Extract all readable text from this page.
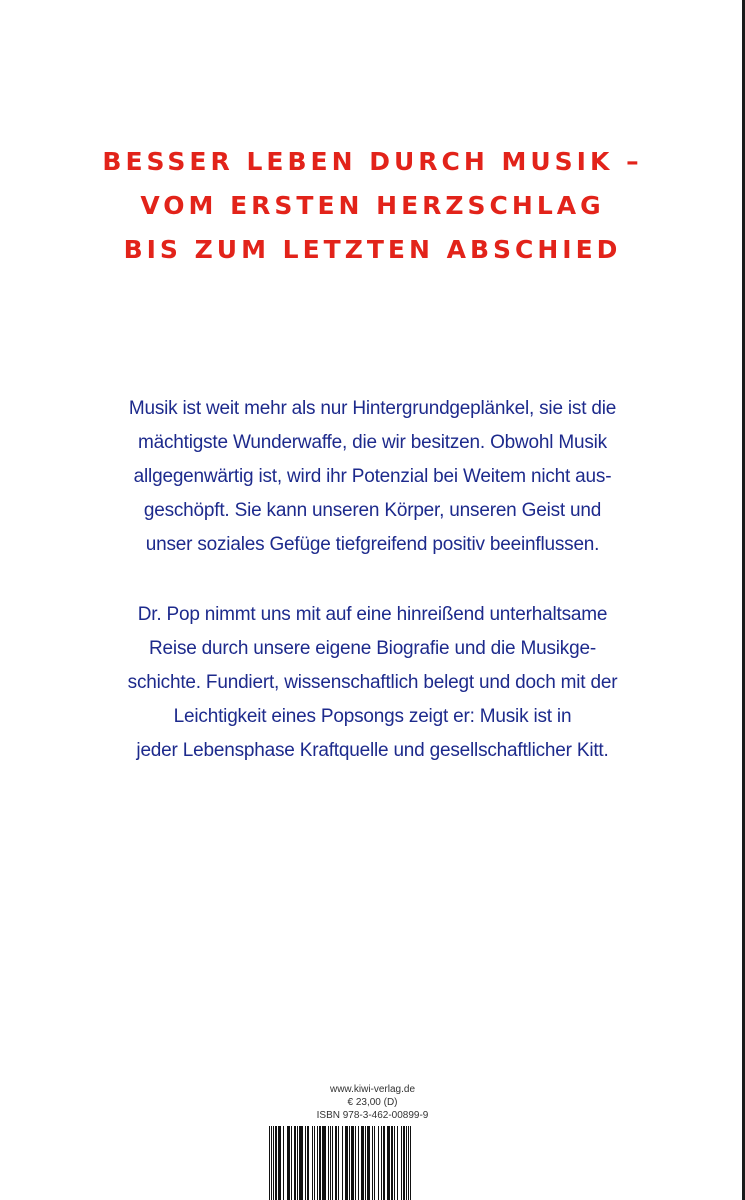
BESSER LEBEN DURCH MUSIK –
VOM ERSTEN HERZSCHLAG
BIS ZUM LETZTEN ABSCHIED
Musik ist weit mehr als nur Hintergrundgeplänkel, sie ist die
mächtigste Wunderwaffe, die wir besitzen. Obwohl Musik
allgegenwärtig ist, wird ihr Potenzial bei Weitem nicht aus-
geschöpft. Sie kann unseren Körper, unseren Geist und
unser soziales Gefüge tiefgreifend positiv beeinflussen.
Dr. Pop nimmt uns mit auf eine hinreißend unterhaltsame
Reise durch unsere eigene Biografie und die Musikge-
schichte. Fundiert, wissenschaftlich belegt und doch mit der
Leichtigkeit eines Popsongs zeigt er: Musik ist in
jeder Lebensphase Kraftquelle und gesellschaftlicher Kitt.
www.kiwi-verlag.de
€ 23,00 (D)
ISBN 978-3-462-00899-9
